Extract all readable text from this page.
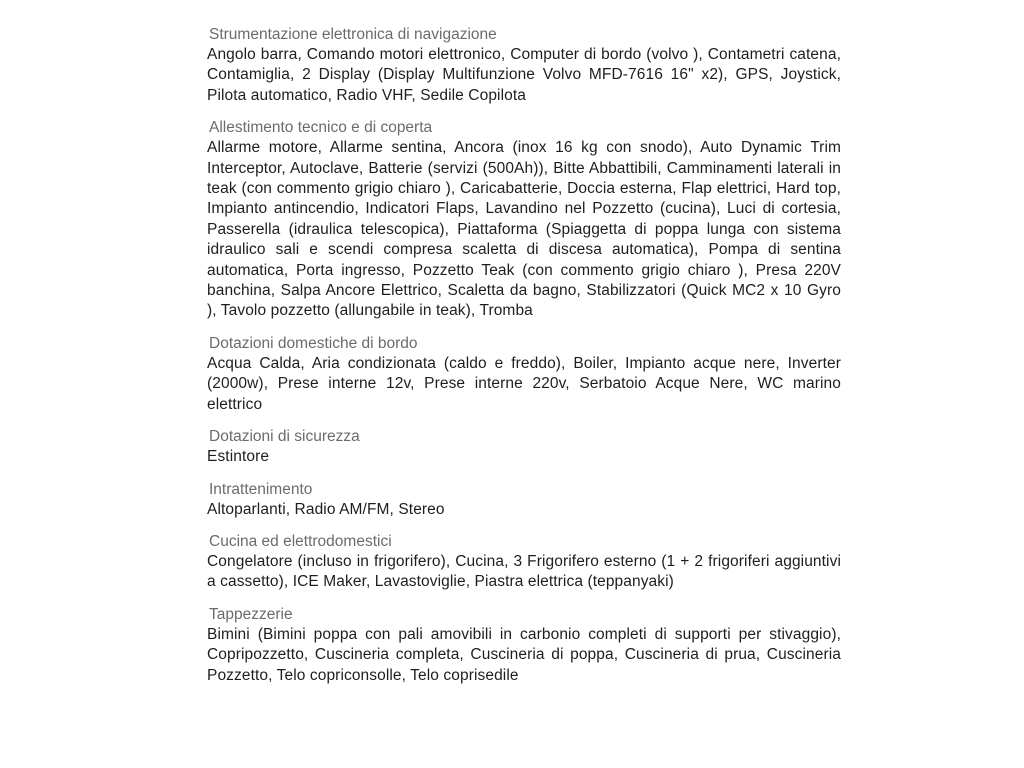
Strumentazione elettronica di navigazione
Angolo barra, Comando motori elettronico, Computer di bordo (volvo ), Contametri catena, Contamiglia, 2 Display (Display Multifunzione Volvo MFD-7616 16" x2), GPS, Joystick, Pilota automatico, Radio VHF, Sedile Copilota
Allestimento tecnico e di coperta
Allarme motore, Allarme sentina, Ancora (inox 16 kg con snodo), Auto Dynamic Trim Interceptor, Autoclave, Batterie (servizi (500Ah)), Bitte Abbattibili, Camminamenti laterali in teak (con commento grigio chiaro ), Caricabatterie, Doccia esterna, Flap elettrici, Hard top, Impianto antincendio, Indicatori Flaps, Lavandino nel Pozzetto (cucina), Luci di cortesia, Passerella (idraulica telescopica), Piattaforma (Spiaggetta di poppa lunga con sistema idraulico sali e scendi compresa scaletta di discesa automatica), Pompa di sentina automatica, Porta ingresso, Pozzetto Teak (con commento grigio chiaro ), Presa 220V banchina, Salpa Ancore Elettrico, Scaletta da bagno, Stabilizzatori (Quick MC2 x 10 Gyro ), Tavolo pozzetto (allungabile in teak), Tromba
Dotazioni domestiche di bordo
Acqua Calda, Aria condizionata (caldo e freddo), Boiler, Impianto acque nere, Inverter (2000w), Prese interne 12v, Prese interne 220v, Serbatoio Acque Nere, WC marino elettrico
Dotazioni di sicurezza
Estintore
Intrattenimento
Altoparlanti, Radio AM/FM, Stereo
Cucina ed elettrodomestici
Congelatore (incluso in frigorifero), Cucina, 3 Frigorifero esterno (1 + 2 frigoriferi aggiuntivi a cassetto), ICE Maker, Lavastoviglie, Piastra elettrica (teppanyaki)
Tappezzerie
Bimini (Bimini poppa con pali amovibili in carbonio completi di supporti per stivaggio), Copripozzetto, Cuscineria completa, Cuscineria di poppa, Cuscineria di prua, Cuscineria Pozzetto, Telo copriconsolle, Telo coprisedile
